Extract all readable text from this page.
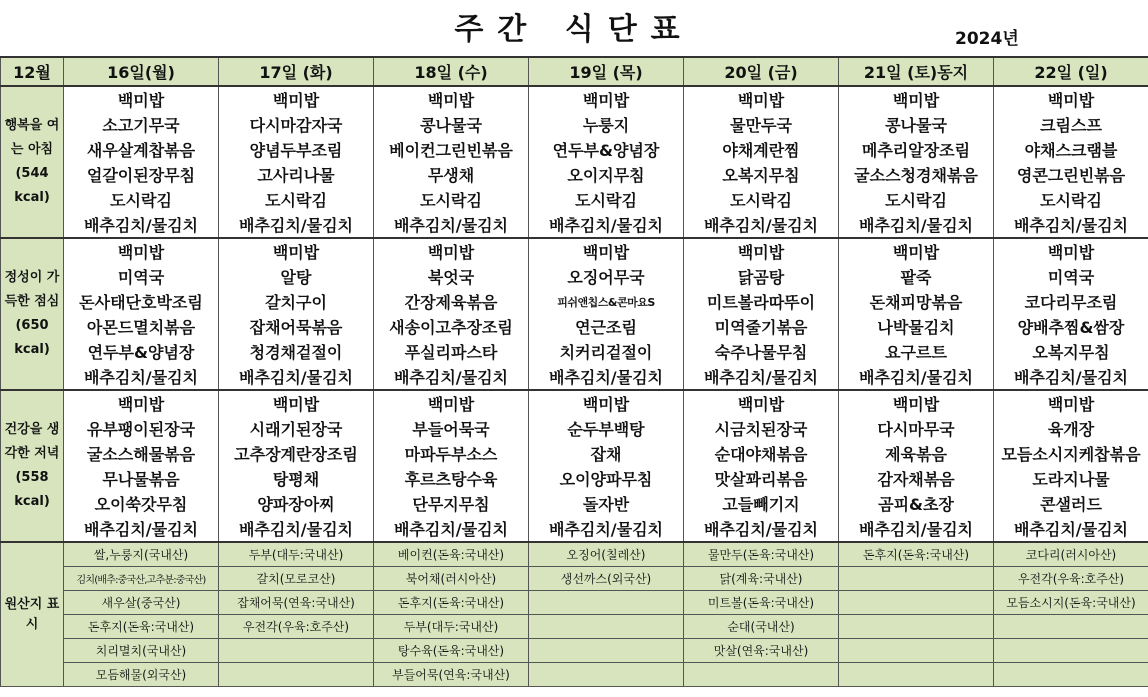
주간 식단표	2024년
12월	16일(월)	17일 (화)	18일 (수)	19일 (목)	20일 (금)	21일 (토)동지	22일 (일)
행복을 여는 아침 (544 kcal)	백미밥	백미밥	백미밥	백미밥	백미밥	백미밥	백미밥
	소고기무국	다시마감자국	콩나물국	누룽지	물만두국	콩나물국	크림스프
	새우살계찹볶음	양념두부조림	베이컨그린빈볶음	연두부&양념장	야채계란찜	메추리알장조림	야채스크램블
	얼갈이된장무침	고사리나물	무생채	오이지무침	오복지무침	굴소스청경채볶음	영콘그린빈볶음
	도시락김	도시락김	도시락김	도시락김	도시락김	도시락김	도시락김
	배추김치/물김치	배추김치/물김치	배추김치/물김치	배추김치/물김치	배추김치/물김치	배추김치/물김치	배추김치/물김치
정성이 가득한 점심 (650 kcal)	백미밥	백미밥	백미밥	백미밥	백미밥	백미밥	백미밥
	미역국	알탕	북엇국	오징어무국	닭곰탕	팥죽	미역국
	돈사태단호박조림	갈치구이	간장제육볶음	피쉬앤칩스&콘마요S	미트볼라따뚜이	돈채피망볶음	코다리무조림
	아몬드멸치볶음	잡채어묵볶음	새송이고추장조림	연근조림	미역줄기볶음	나박물김치	양배추찜&쌈장
	연두부&양념장	청경채겉절이	푸실리파스타	치커리겉절이	숙주나물무침	요구르트	오복지무침
	배추김치/물김치	배추김치/물김치	배추김치/물김치	배추김치/물김치	배추김치/물김치	배추김치/물김치	배추김치/물김치
건강을 생각한 저녁 (558 kcal)	백미밥	백미밥	백미밥	백미밥	백미밥	백미밥	백미밥
	유부팽이된장국	시래기된장국	부들어묵국	순두부백탕	시금치된장국	다시마무국	육개장
	굴소스해물볶음	고추장계란장조림	마파두부소스	잡채	순대야채볶음	제육볶음	모듬소시지케찹볶음
	무나물볶음	탕평채	후르츠탕수육	오이양파무침	맛살꽈리볶음	감자채볶음	도라지나물
	오이쑥갓무침	양파장아찌	단무지무침	돌자반	고들빼기지	곰피&초장	콘샐러드
	배추김치/물김치	배추김치/물김치	배추김치/물김치	배추김치/물김치	배추김치/물김치	배추김치/물김치	배추김치/물김치
원산지 표시	쌀,누룽지(국내산)	두부(대두:국내산)	베이컨(돈육:국내산)	오징어(칠레산)	물만두(돈육:국내산)	돈후지(돈육:국내산)	코다리(러시아산)
	김치(배추:중국산,고추분:중국산)	갈치(모로코산)	북어채(러시아산)	생선까스(외국산)	닭(계육:국내산)		우전각(우육:호주산)
	새우살(중국산)	잡채어묵(연육:국내산)	돈후지(돈육:국내산)		미트볼(돈육:국내산)		모듬소시지(돈육:국내산)
	돈후지(돈육:국내산)	우전각(우육:호주산)	두부(대두:국내산)		순대(국내산)		
	치리멸치(국내산)		탕수육(돈육:국내산)		맛살(연육:국내산)		
	모듬해물(외국산)		부들어묵(연육:국내산)				
